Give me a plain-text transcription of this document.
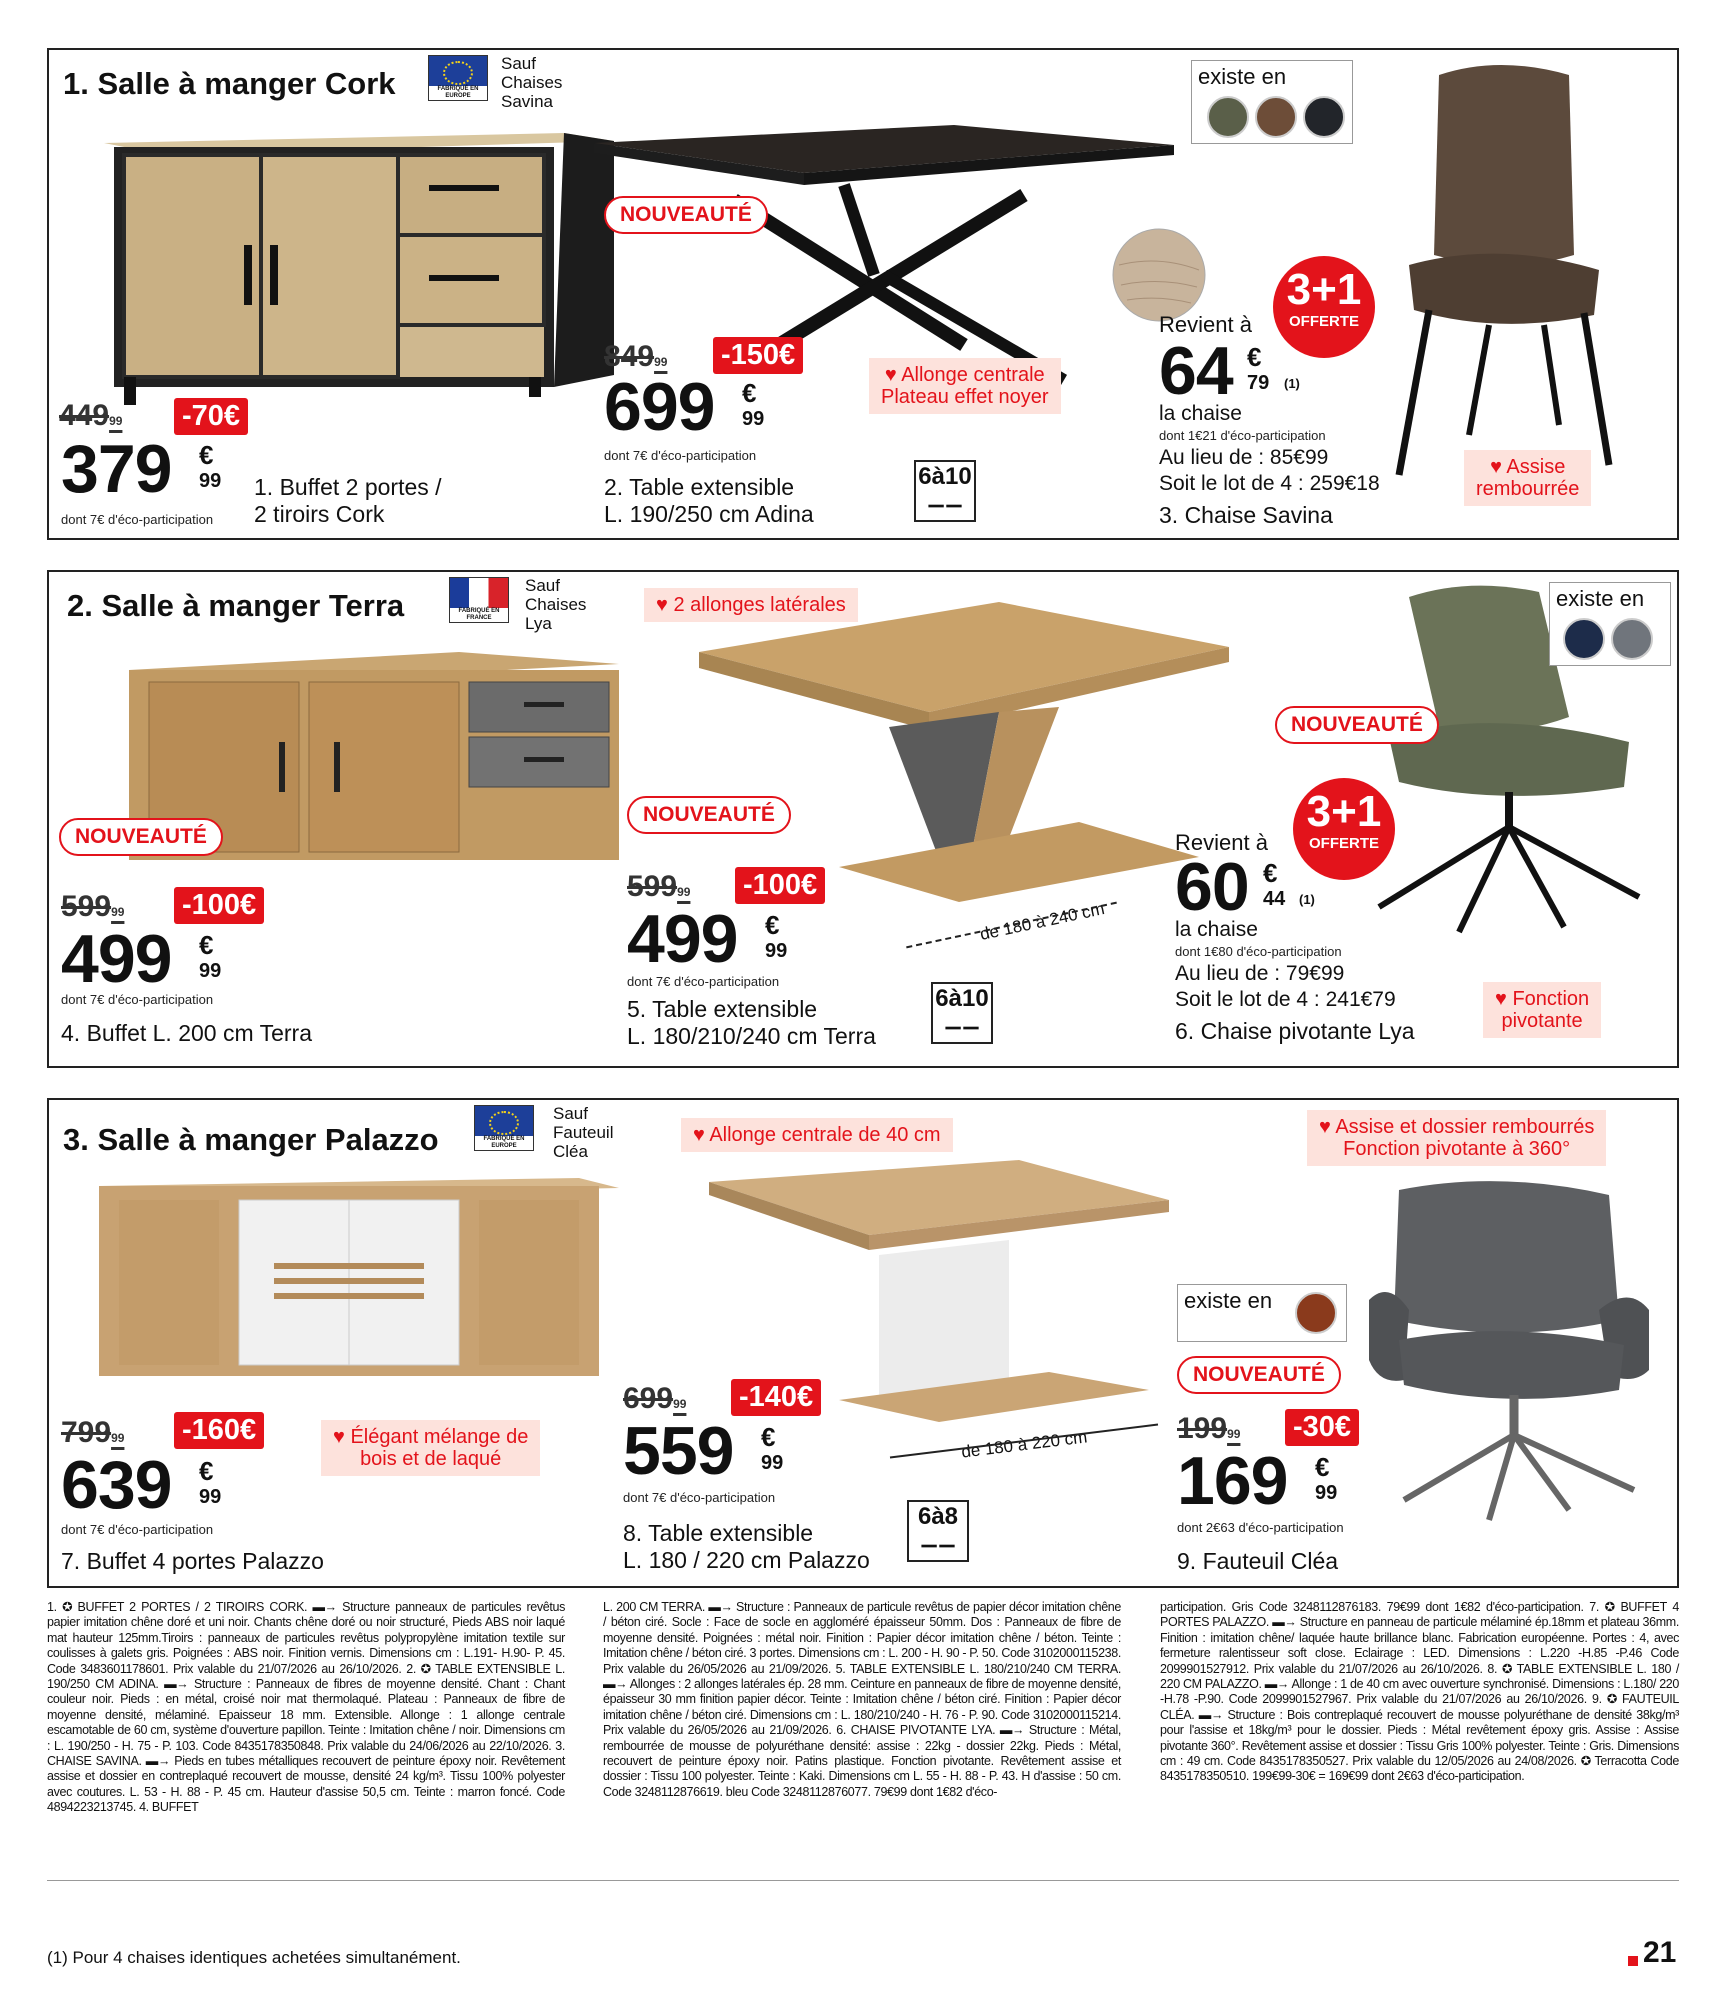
1. Salle à manger Cork	FABRIQUÉ EN EUROPE
Sauf
Chaises
Savina
44999 -70€
379 €
99
dont 7€ d'éco-participation
1. Buffet 2 portes /
2 tiroirs Cork
NOUVEAUTÉ
84999 -150€
699 €
99
dont 7€ d'éco-participation
2. Table extensible
L. 190/250 cm Adina
♥ Allonge centrale
Plateau effet noyer
6à10
⚊⚊
existe en
3+1
OFFERTE
Revient à
64 €
79 (1)
la chaise
dont 1€21 d'éco-participation
Au lieu de : 85€99
Soit le lot de 4 : 259€18
3. Chaise Savina
♥ Assise
rembourrée
2. Salle à manger Terra	FABRIQUÉ EN FRANCE
Sauf
Chaises
Lya
NOUVEAUTÉ
59999 -100€
499 €
99
dont 7€ d'éco-participation
4. Buffet L. 200 cm Terra
♥ 2 allonges latérales
NOUVEAUTÉ
59999 -100€
499 €
99
dont 7€ d'éco-participation
5. Table extensible
L. 180/210/240 cm Terra
de 180 à 240 cm
6à10
⚊⚊
existe en
NOUVEAUTÉ
3+1
OFFERTE
Revient à
60 €
44 (1)
la chaise
dont 1€80 d'éco-participation
Au lieu de : 79€99
Soit le lot de 4 : 241€79
6. Chaise pivotante Lya
♥ Fonction
pivotante
3. Salle à manger Palazzo	FABRIQUÉ EN EUROPE
Sauf
Fauteuil
Cléa
79999 -160€
639 €
99
dont 7€ d'éco-participation
7. Buffet 4 portes Palazzo
♥ Élégant mélange de
bois et de laqué
♥ Allonge centrale de 40 cm
69999 -140€
559 €
99
dont 7€ d'éco-participation
8. Table extensible
L. 180 / 220 cm Palazzo
de 180 à 220 cm
6à8
⚊⚊
♥ Assise et dossier rembourrés
Fonction pivotante à 360°
existe en
NOUVEAUTÉ
19999 -30€
169 €
99
dont 2€63 d'éco-participation
9. Fauteuil Cléa
1. ✪ BUFFET 2 PORTES / 2 TIROIRS CORK. ▬→ Structure panneaux de particules revêtus papier imitation chêne doré et uni noir. Chants chêne doré ou noir structuré, Pieds ABS noir laqué mat hauteur 125mm.Tiroirs : panneaux de particules revêtus polypropylène imitation textile sur coulisses à galets gris. Poignées : ABS noir. Finition vernis. Dimensions cm : L.191- H.90- P. 45. Code 3483601178601. Prix valable du 21/07/2026 au 26/10/2026. 2. ✪ TABLE EXTENSIBLE L. 190/250 CM ADINA. ▬→ Structure : Panneaux de fibres de moyenne densité. Chant : Chant couleur noir. Pieds : en métal, croisé noir mat thermolaqué. Plateau : Panneaux de fibre de moyenne densité, mélaminé. Epaisseur 18 mm. Extensible. Allonge : 1 allonge centrale escamotable de 60 cm, système d'ouverture papillon. Teinte : Imitation chêne / noir. Dimensions cm : L. 190/250 - H. 75 - P. 103. Code 8435178350848. Prix valable du 24/06/2026 au 22/10/2026. 3. CHAISE SAVINA. ▬→ Pieds en tubes métalliques recouvert de peinture époxy noir. Revêtement assise et dossier en contreplaqué recouvert de mousse, densité 24 kg/m³. Tissu 100% polyester avec coutures. L. 53 - H. 88 - P. 45 cm. Hauteur d'assise 50,5 cm. Teinte : marron foncé. Code 4894223213745. 4. BUFFET
L. 200 CM TERRA. ▬→ Structure : Panneaux de particule revêtus de papier décor imitation chêne / béton ciré. Socle : Face de socle en aggloméré épaisseur 50mm. Dos : Panneaux de fibre de moyenne densité. Poignées : métal noir. Finition : Papier décor imitation chêne / béton. Teinte : Imitation chêne / béton ciré. 3 portes. Dimensions cm : L. 200 - H. 90 - P. 50. Code 3102000115238. Prix valable du 26/05/2026 au 21/09/2026. 5. TABLE EXTENSIBLE L. 180/210/240 CM TERRA. ▬→ Allonges : 2 allonges latérales ép. 28 mm. Ceinture en panneaux de fibre de moyenne densité, épaisseur 30 mm finition papier décor. Teinte : Imitation chêne / béton ciré. Finition : Papier décor imitation chêne / béton ciré. Dimensions cm : L. 180/210/240 - H. 76 - P. 90. Code 3102000115214. Prix valable du 26/05/2026 au 21/09/2026. 6. CHAISE PIVOTANTE LYA. ▬→ Structure : Métal, rembourrée de mousse de polyuréthane densité: assise : 22kg - dossier 22kg. Pieds : Métal, recouvert de peinture époxy noir. Patins plastique. Fonction pivotante. Revêtement assise et dossier : Tissu 100 polyester. Teinte : Kaki. Dimensions cm L. 55 - H. 88 - P. 43. H d'assise : 50 cm. Code 3248112876619. bleu Code 3248112876077. 79€99 dont 1€82 d'éco-
participation. Gris Code 3248112876183. 79€99 dont 1€82 d'éco-participation. 7. ✪ BUFFET 4 PORTES PALAZZO. ▬→ Structure en panneau de particule mélaminé ép.18mm et plateau 36mm. Finition : imitation chêne/ laquée haute brillance blanc. Fabrication européenne. Portes : 4, avec fermeture ralentisseur soft close. Eclairage : LED. Dimensions : L.220 -H.85 -P.46 Code 2099901527912. Prix valable du 21/07/2026 au 26/10/2026. 8. ✪ TABLE EXTENSIBLE L. 180 / 220 CM PALAZZO. ▬→ Allonge : 1 de 40 cm avec ouverture synchronisé. Dimensions : L.180/ 220 -H.78 -P.90. Code 2099901527967. Prix valable du 21/07/2026 au 26/10/2026. 9. ✪ FAUTEUIL CLÉA. ▬→ Structure : Bois contreplaqué recouvert de mousse polyuréthane de densité 38kg/m³ pour l'assise et 18kg/m³ pour le dossier. Pieds : Métal revêtement époxy gris. Assise : Assise pivotante 360°. Revêtement assise et dossier : Tissu Gris 100% polyester. Teinte : Gris. Dimensions cm : 49 cm. Code 8435178350527. Prix valable du 12/05/2026 au 24/08/2026. ✪ Terracotta Code 8435178350510. 199€99-30€ = 169€99 dont 2€63 d'éco-participation.
(1) Pour 4 chaises identiques achetées simultanément.	21
